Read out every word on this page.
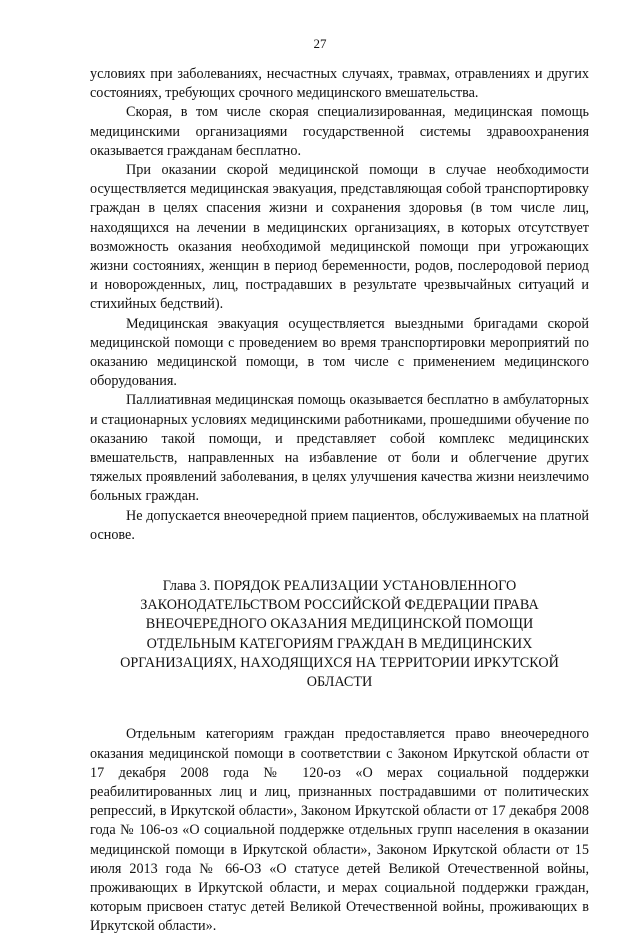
27

условиях при заболеваниях, несчастных случаях, травмах, отравлениях и других состояниях, требующих срочного медицинского вмешательства.

Скорая, в том числе скорая специализированная, медицинская помощь медицинскими организациями государственной системы здравоохранения оказывается гражданам бесплатно.

При оказании скорой медицинской помощи в случае необходимости осуществляется медицинская эвакуация, представляющая собой транспортировку граждан в целях спасения жизни и сохранения здоровья (в том числе лиц, находящихся на лечении в медицинских организациях, в которых отсутствует возможность оказания необходимой медицинской помощи при угрожающих жизни состояниях, женщин в период беременности, родов, послеродовой период и новорожденных, лиц, пострадавших в результате чрезвычайных ситуаций и стихийных бедствий).

Медицинская эвакуация осуществляется выездными бригадами скорой медицинской помощи с проведением во время транспортировки мероприятий по оказанию медицинской помощи, в том числе с применением медицинского оборудования.

Паллиативная медицинская помощь оказывается бесплатно в амбулаторных и стационарных условиях медицинскими работниками, прошедшими обучение по оказанию такой помощи, и представляет собой комплекс медицинских вмешательств, направленных на избавление от боли и облегчение других тяжелых проявлений заболевания, в целях улучшения качества жизни неизлечимо больных граждан.

Не допускается внеочередной прием пациентов, обслуживаемых на платной основе.

Глава 3. ПОРЯДОК РЕАЛИЗАЦИИ УСТАНОВЛЕННОГО
ЗАКОНОДАТЕЛЬСТВОМ РОССИЙСКОЙ ФЕДЕРАЦИИ ПРАВА
ВНЕОЧЕРЕДНОГО ОКАЗАНИЯ МЕДИЦИНСКОЙ ПОМОЩИ
ОТДЕЛЬНЫМ КАТЕГОРИЯМ ГРАЖДАН В МЕДИЦИНСКИХ
ОРГАНИЗАЦИЯХ, НАХОДЯЩИХСЯ НА ТЕРРИТОРИИ ИРКУТСКОЙ
ОБЛАСТИ

Отдельным категориям граждан предоставляется право внеочередного оказания медицинской помощи в соответствии с Законом Иркутской области от 17 декабря 2008 года № 120-оз «О мерах социальной поддержки реабилитированных лиц и лиц, признанных пострадавшими от политических репрессий, в Иркутской области», Законом Иркутской области от 17 декабря 2008 года № 106-оз «О социальной поддержке отдельных групп населения в оказании медицинской помощи в Иркутской области», Законом Иркутской области от 15 июля 2013 года № 66-ОЗ «О статусе детей Великой Отечественной войны, проживающих в Иркутской области, и мерах социальной поддержки граждан, которым присвоен статус детей Великой Отечественной войны, проживающих в Иркутской области».
